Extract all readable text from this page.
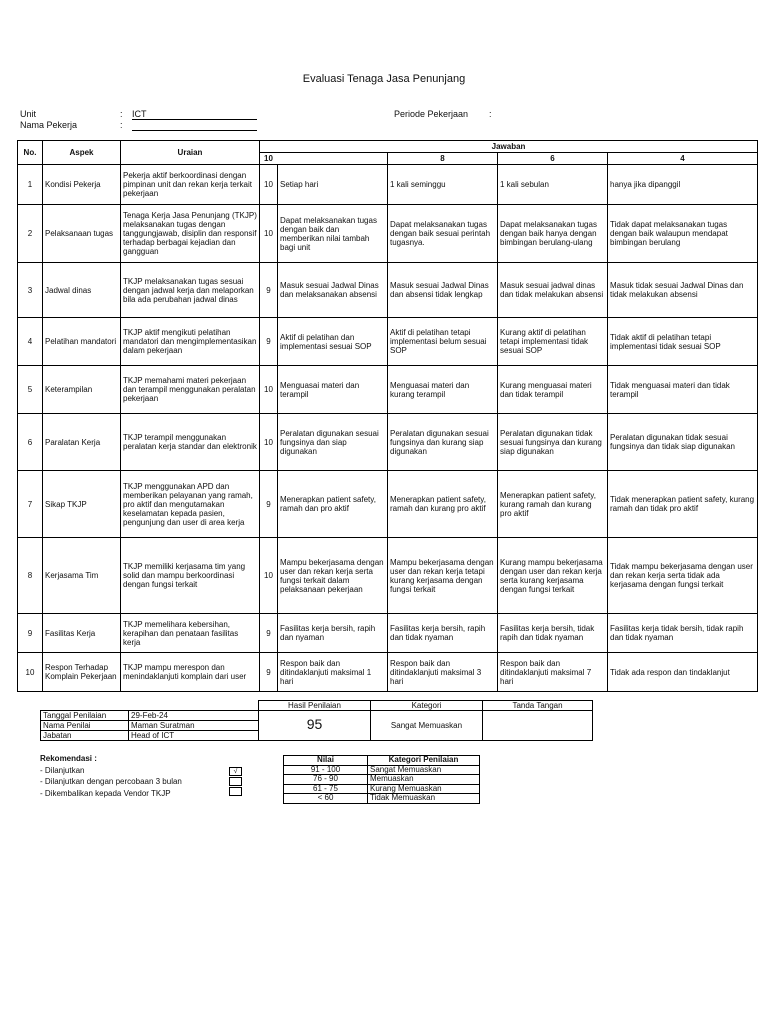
Evaluasi Tenaga Jasa Penunjang
Unit	: ICT
Nama Pekerja	:
Periode Pekerjaan :
No.	Aspek	Uraian	Jawaban				
			10		8	6	4
1	Kondisi Pekerja	Pekerja aktif berkoordinasi dengan pimpinan unit dan rekan kerja terkait pekerjaan	10	Setiap hari	1 kali seminggu	1 kali sebulan	hanya jika dipanggil
2	Pelaksanaan tugas	Tenaga Kerja Jasa Penunjang (TKJP) melaksanakan tugas dengan tanggungjawab, disiplin dan responsif terhadap berbagai kejadian dan gangguan	10	Dapat melaksanakan tugas dengan baik dan memberikan nilai tambah bagi unit	Dapat melaksanakan tugas dengan baik sesuai perintah tugasnya.	Dapat melaksanakan tugas dengan baik hanya dengan bimbingan berulang-ulang	Tidak dapat melaksanakan tugas dengan baik walaupun mendapat bimbingan berulang
3	Jadwal dinas	TKJP melaksanakan tugas sesuai dengan jadwal kerja dan melaporkan bila ada perubahan jadwal dinas	9	Masuk sesuai Jadwal Dinas dan melaksanakan absensi	Masuk sesuai Jadwal Dinas dan absensi tidak lengkap	Masuk sesuai jadwal dinas dan tidak melakukan absensi	Masuk tidak sesuai Jadwal Dinas dan tidak melakukan absensi
4	Pelatihan mandatori	TKJP aktif mengikuti pelatihan mandatori dan mengimplementasikan dalam pekerjaan	9	Aktif di pelatihan dan implementasi sesuai SOP	Aktif di pelatihan tetapi implementasi belum sesuai SOP	Kurang aktif di pelatihan tetapi implementasi tidak sesuai SOP	Tidak aktif di pelatihan tetapi implementasi tidak sesuai SOP
5	Keterampilan	TKJP memahami materi pekerjaan dan terampil menggunakan peralatan pekerjaan	10	Menguasai materi dan terampil	Menguasai materi dan kurang terampil	Kurang menguasai materi dan tidak terampil	Tidak menguasai materi dan tidak terampil
6	Paralatan Kerja	TKJP terampil menggunakan peralatan kerja standar dan elektronik	10	Peralatan digunakan sesuai fungsinya dan siap digunakan	Peralatan digunakan sesuai fungsinya dan kurang siap digunakan	Peralatan digunakan tidak sesuai fungsinya dan kurang siap digunakan	Peralatan digunakan tidak sesuai fungsinya dan tidak siap digunakan
7	Sikap TKJP	TKJP menggunakan APD dan memberikan pelayanan yang ramah, pro aktif dan mengutamakan keselamatan kepada pasien, pengunjung dan user di area kerja	9	Menerapkan patient safety, ramah dan pro aktif	Menerapkan patient safety, ramah dan kurang pro aktif	Menerapkan patient safety, kurang ramah dan kurang pro aktif	Tidak menerapkan patient safety, kurang ramah dan tidak pro aktif
8	Kerjasama Tim	TKJP memiliki kerjasama tim yang solid dan mampu berkoordinasi dengan fungsi terkait	10	Mampu bekerjasama dengan user dan rekan kerja serta fungsi terkait dalam pelaksanaan pekerjaan	Mampu bekerjasama dengan user dan rekan kerja tetapi kurang kerjasama dengan fungsi terkait	Kurang mampu bekerjasama dengan user dan rekan kerja serta kurang kerjasama dengan fungsi terkait	Tidak mampu bekerjasama dengan user dan rekan kerja serta tidak ada kerjasama dengan fungsi terkait
9	Fasilitas Kerja	TKJP memelihara kebersihan, kerapihan dan penataan fasilitas kerja	9	Fasilitas kerja bersih, rapih dan nyaman	Fasilitas kerja bersih, rapih dan tidak nyaman	Fasilitas kerja bersih, tidak rapih dan tidak nyaman	Fasilitas kerja tidak bersih, tidak rapih dan tidak nyaman
10	Respon Terhadap Komplain Pekerjaan	TKJP mampu merespon dan menindaklanjuti komplain dari user	9	Respon baik dan ditindaklanjuti maksimal 1 hari	Respon baik dan ditindaklanjuti maksimal 3 hari	Respon baik dan ditindaklanjuti maksimal 7 hari	Tidak ada respon dan tindaklanjut
		Hasil Penilaian	Kategori	Tanda Tangan
Tanggal Penilaian	29-Feb-24	95	Sangat Memuaskan	
Nama Penilai	Maman Suratman			
Jabatan	Head of ICT			
Rekomendasi :
- Dilanjutkan
- Dilanjutkan dengan percobaan 3 bulan
- Dikembalikan kepada Vendor TKJP
√
Nilai	Kategori Penilaian
91 - 100	Sangat Memuaskan
76 - 90	Memuaskan
61 - 75	Kurang Memuaskan
< 60	Tidak Memuaskan
